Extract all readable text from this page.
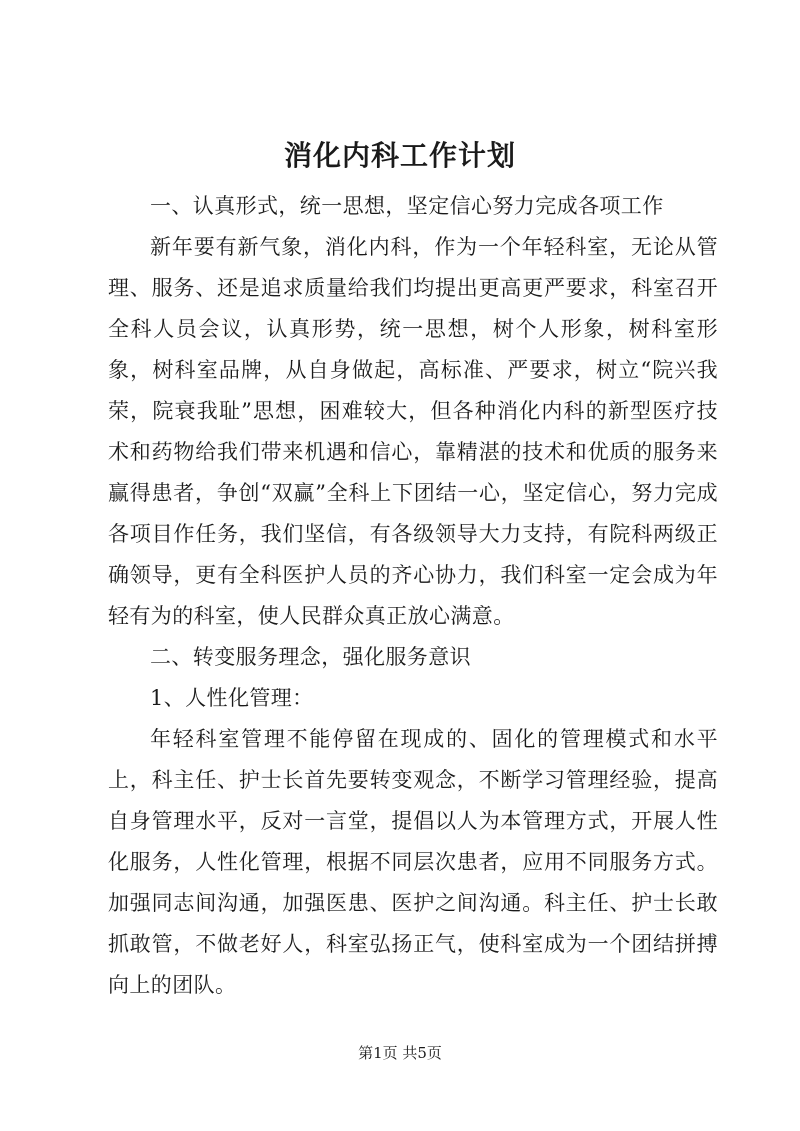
消化内科工作计划

一、认真形式，统一思想，坚定信心努力完成各项工作

新年要有新气象，消化内科，作为一个年轻科室，无论从管理、服务、还是追求质量给我们均提出更高更严要求，科室召开全科人员会议，认真形势，统一思想，树个人形象，树科室形象，树科室品牌，从自身做起，高标准、严要求，树立“院兴我荣，院衰我耻”思想，困难较大，但各种消化内科的新型医疗技术和药物给我们带来机遇和信心，靠精湛的技术和优质的服务来赢得患者，争创“双赢”全科上下团结一心，坚定信心，努力完成各项目作任务，我们坚信，有各级领导大力支持，有院科两级正确领导，更有全科医护人员的齐心协力，我们科室一定会成为年轻有为的科室，使人民群众真正放心满意。

二、转变服务理念，强化服务意识

1、人性化管理：

年轻科室管理不能停留在现成的、固化的管理模式和水平上，科主任、护士长首先要转变观念，不断学习管理经验，提高自身管理水平，反对一言堂，提倡以人为本管理方式，开展人性化服务，人性化管理，根据不同层次患者，应用不同服务方式。加强同志间沟通，加强医患、医护之间沟通。科主任、护士长敢抓敢管，不做老好人，科室弘扬正气，使科室成为一个团结拼搏向上的团队。

第1页 共5页
